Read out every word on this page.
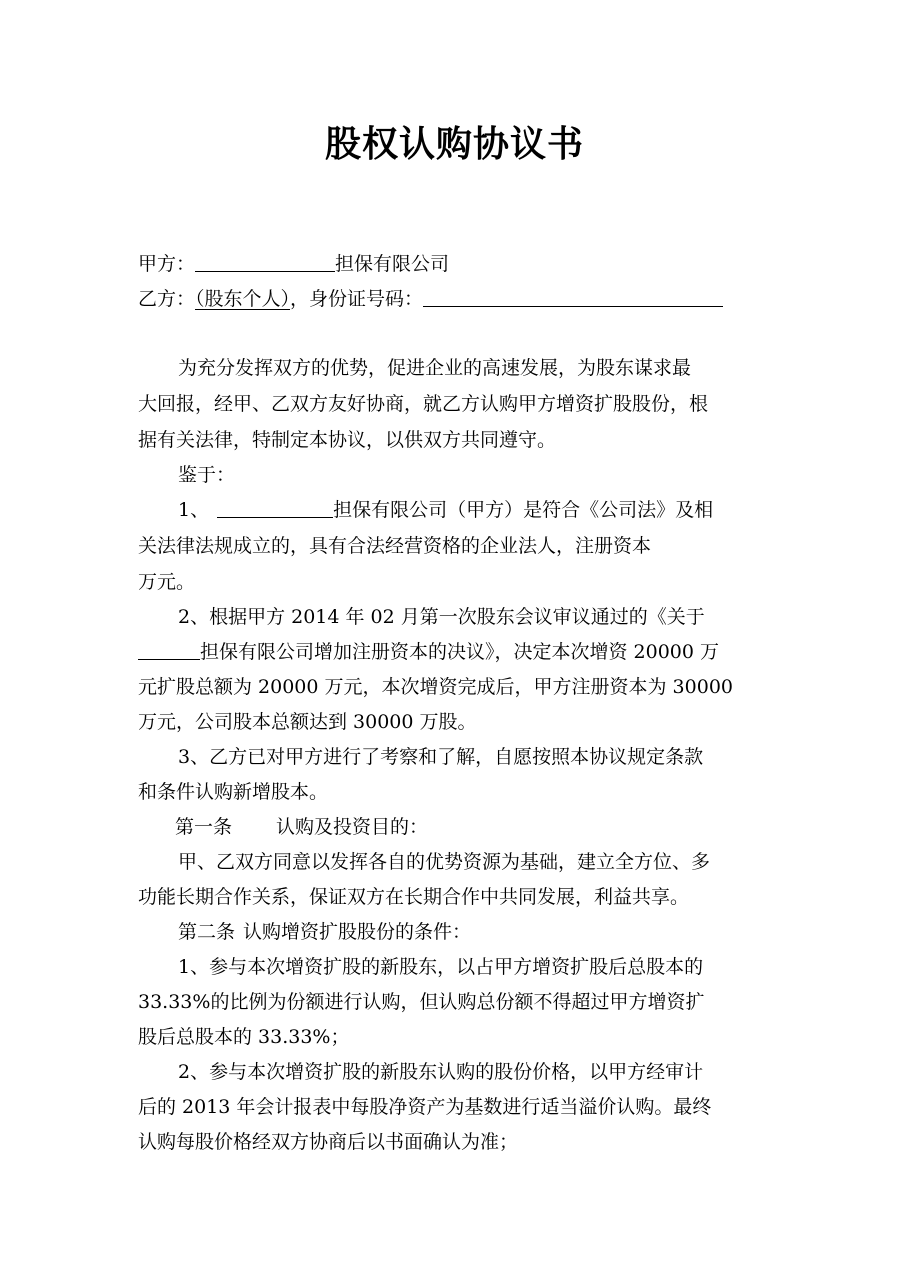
股权认购协议书
甲方：	担保有限公司
乙方：（股东个人），身份证号码：
为充分发挥双方的优势，促进企业的高速发展，为股东谋求最
大回报，经甲、乙双方友好协商，就乙方认购甲方增资扩股股份，根
据有关法律，特制定本协议，以供双方共同遵守。
鉴于：
1、	担保有限公司（甲方）是符合《公司法》及相
关法律法规成立的，具有合法经营资格的企业法人，注册资本
万元。
2、根据甲方 2014 年 02 月第一次股东会议审议通过的《关于
担保有限公司增加注册资本的决议》，决定本次增资 20000 万
元扩股总额为 20000 万元，本次增资完成后，甲方注册资本为 30000
万元，公司股本总额达到 30000 万股。
3、乙方已对甲方进行了考察和了解，自愿按照本协议规定条款
和条件认购新增股本。
第一条 认购及投资目的：
甲、乙双方同意以发挥各自的优势资源为基础，建立全方位、多
功能长期合作关系，保证双方在长期合作中共同发展，利益共享。
第二条 认购增资扩股股份的条件：
1、参与本次增资扩股的新股东，以占甲方增资扩股后总股本的
33.33%的比例为份额进行认购，但认购总份额不得超过甲方增资扩
股后总股本的 33.33%；
2、参与本次增资扩股的新股东认购的股份价格，以甲方经审计
后的 2013 年会计报表中每股净资产为基数进行适当溢价认购。最终
认购每股价格经双方协商后以书面确认为准；
